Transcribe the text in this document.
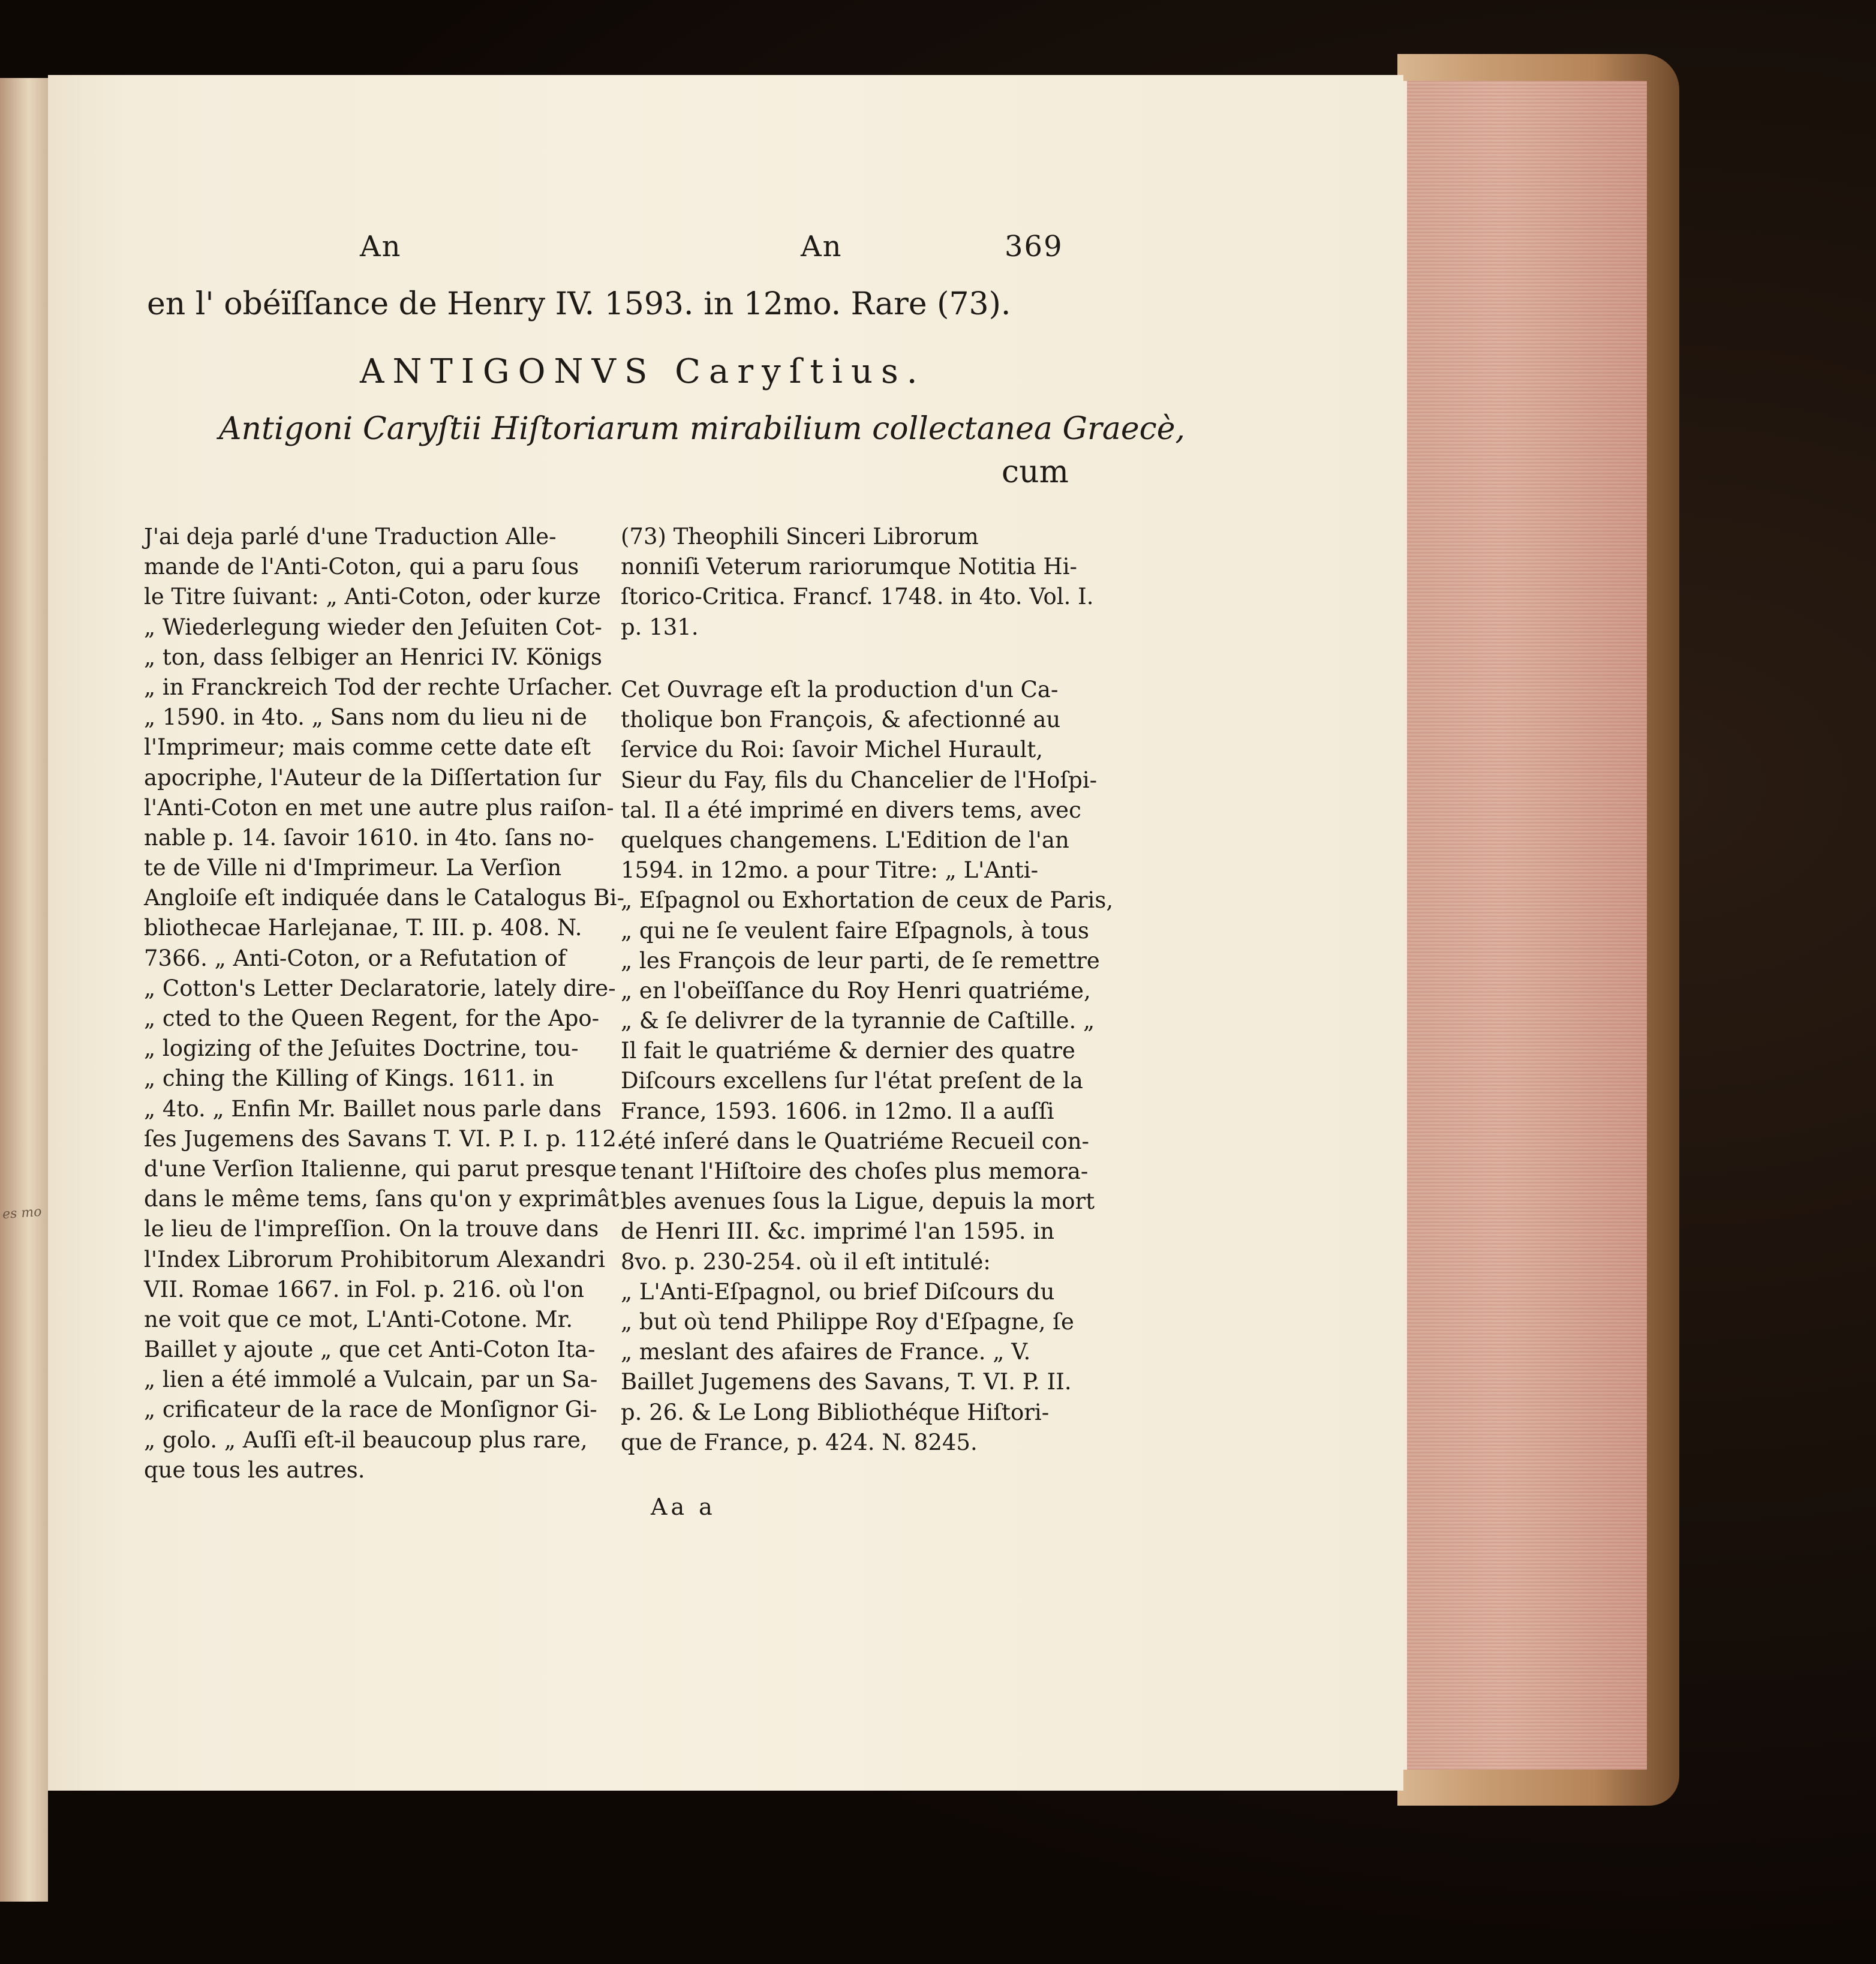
es mo
An	An	369
en l' obéïſſance de Henry IV. 1593. in 12mo. Rare (73).
ANTIGONVS Caryſtius.
Antigoni Caryſtii Hiſtoriarum mirabilium collectanea Graecè,
cum
J'ai deja parlé d'une Traduction Alle-
mande de l'Anti-Coton, qui a paru ſous
le Titre ſuivant: „ Anti-Coton, oder kurze
„ Wiederlegung wieder den Jeſuiten Cot-
„ ton, dass ſelbiger an Henrici IV. Königs
„ in Franckreich Tod der rechte Urſacher.
„ 1590. in 4to. „ Sans nom du lieu ni de
l'Imprimeur; mais comme cette date eſt
apocriphe, l'Auteur de la Diſſertation ſur
l'Anti-Coton en met une autre plus raiſon-
nable p. 14. ſavoir 1610. in 4to. ſans no-
te de Ville ni d'Imprimeur. La Verſion
Angloiſe eſt indiquée dans le Catalogus Bi-
bliothecae Harlejanae, T. III. p. 408. N.
7366. „ Anti-Coton, or a Refutation of
„ Cotton's Letter Declaratorie, lately dire-
„ cted to the Queen Regent, for the Apo-
„ logizing of the Jeſuites Doctrine, tou-
„ ching the Killing of Kings. 1611. in
„ 4to. „ Enfin Mr. Baillet nous parle dans
ſes Jugemens des Savans T. VI. P. I. p. 112.
d'une Verſion Italienne, qui parut presque
dans le même tems, ſans qu'on y exprimât
le lieu de l'impreſſion. On la trouve dans
l'Index Librorum Prohibitorum Alexandri
VII. Romae 1667. in Fol. p. 216. où l'on
ne voit que ce mot, L'Anti-Cotone. Mr.
Baillet y ajoute „ que cet Anti-Coton Ita-
„ lien a été immolé a Vulcain, par un Sa-
„ crificateur de la race de Monſignor Gi-
„ golo. „ Auſſi eſt-il beaucoup plus rare,
que tous les autres.
(73) Theophili Sinceri Librorum
nonniſi Veterum rariorumque Notitia Hi-
ſtorico-Critica. Francf. 1748. in 4to. Vol. I.
p. 131.
Cet Ouvrage eſt la production d'un Ca-
tholique bon François, & afectionné au
ſervice du Roi: ſavoir Michel Hurault,
Sieur du Fay, fils du Chancelier de l'Hoſpi-
tal. Il a été imprimé en divers tems, avec
quelques changemens. L'Edition de l'an
1594. in 12mo. a pour Titre: „ L'Anti-
„ Eſpagnol ou Exhortation de ceux de Paris,
„ qui ne ſe veulent faire Eſpagnols, à tous
„ les François de leur parti, de ſe remettre
„ en l'obeïſſance du Roy Henri quatriéme,
„ & ſe delivrer de la tyrannie de Caſtille. „
Il fait le quatriéme & dernier des quatre
Diſcours excellens ſur l'état preſent de la
France, 1593. 1606. in 12mo. Il a auſſi
été inſeré dans le Quatriéme Recueil con-
tenant l'Hiſtoire des choſes plus memora-
bles avenues ſous la Ligue, depuis la mort
de Henri III. &c. imprimé l'an 1595. in
8vo. p. 230-254. où il eſt intitulé:
„ L'Anti-Eſpagnol, ou brief Diſcours du
„ but où tend Philippe Roy d'Eſpagne, ſe
„ meslant des afaires de France. „ V.
Baillet Jugemens des Savans, T. VI. P. II.
p. 26. & Le Long Bibliothéque Hiſtori-
que de France, p. 424. N. 8245.
Aa a
